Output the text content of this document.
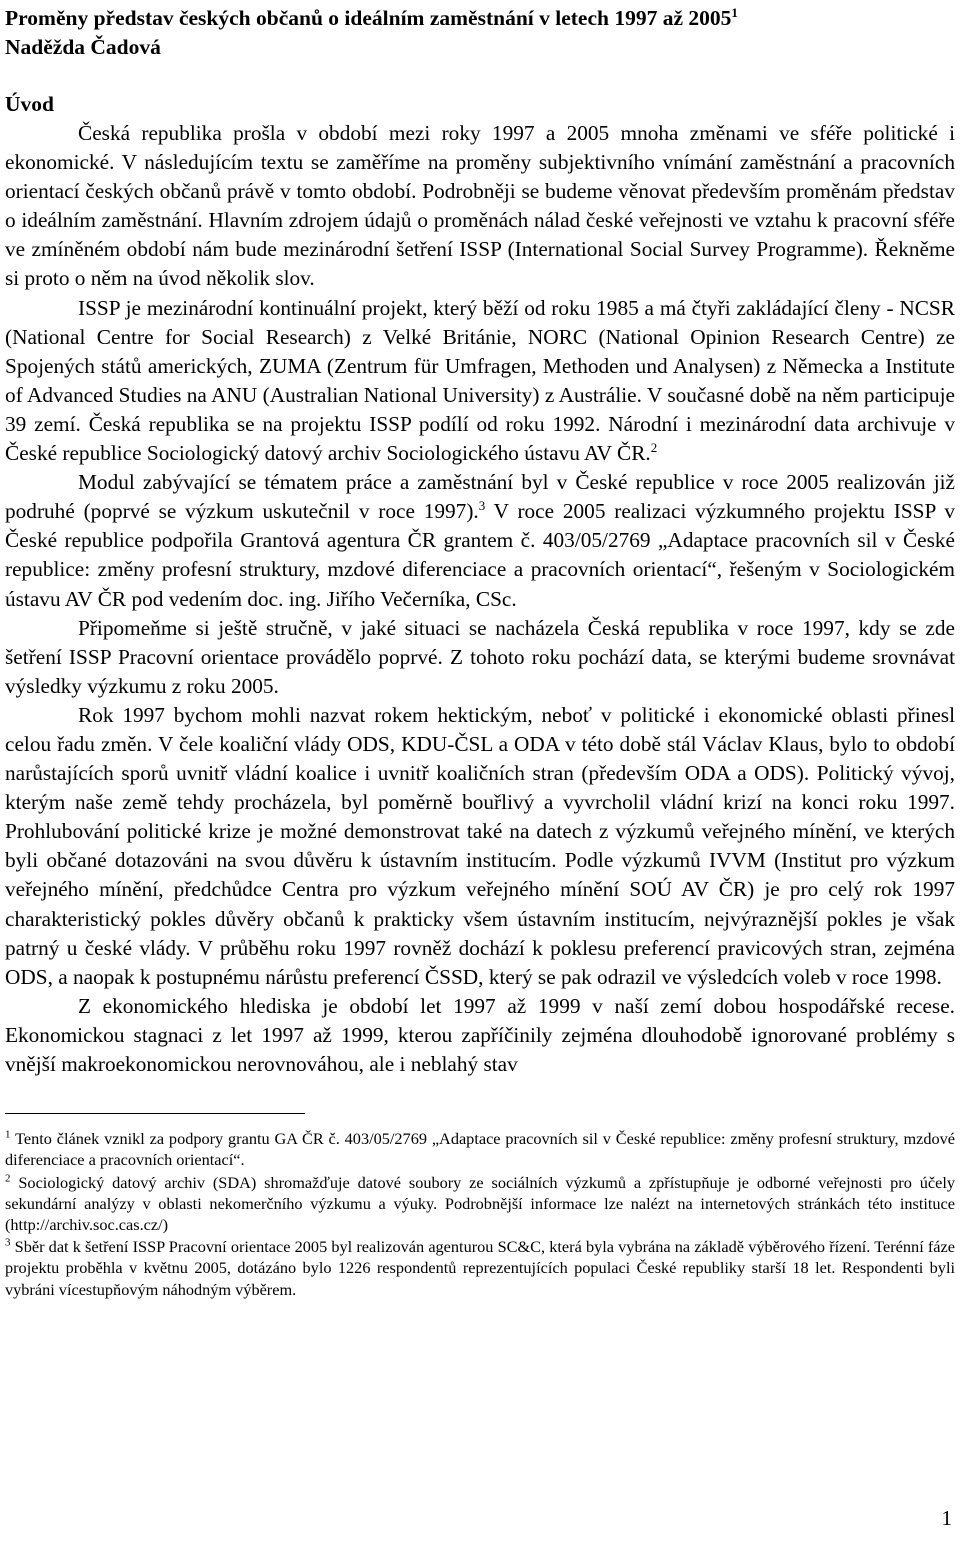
Proměny představ českých občanů o ideálním zaměstnání v letech 1997 až 2005$^1$
Naděžda Čadová
Úvod

Česká republika prošla v období mezi roky 1997 a 2005 mnoha změnami ve sféře politické i ekonomické. V následujícím textu se zaměříme na proměny subjektivního vnímání zaměstnání a pracovních orientací českých občanů právě v tomto období. Podrobněji se budeme věnovat především proměnám představ o ideálním zaměstnání. Hlavním zdrojem údajů o proměnách nálad české veřejnosti ve vztahu k pracovní sféře ve zmíněném období nám bude mezinárodní šetření ISSP (International Social Survey Programme). Řekněme si proto o něm na úvod několik slov.

ISSP je mezinárodní kontinuální projekt, který běží od roku 1985 a má čtyři zakládající členy - NCSR (National Centre for Social Research) z Velké Británie, NORC (National Opinion Research Centre) ze Spojených států amerických, ZUMA (Zentrum für Umfragen, Methoden und Analysen) z Německa a Institute of Advanced Studies na ANU (Australian National University) z Austrálie. V současné době na něm participuje 39 zemí. Česká republika se na projektu ISSP podílí od roku 1992. Národní i mezinárodní data archivuje v České republice Sociologický datový archiv Sociologického ústavu AV ČR.$^2$

Modul zabývající se tématem práce a zaměstnání byl v České republice v roce 2005 realizován již podruhé (poprvé se výzkum uskutečnil v roce 1997).$^3$ V roce 2005 realizaci výzkumného projektu ISSP v České republice podpořila Grantová agentura ČR grantem č. 403/05/2769 „Adaptace pracovních sil v České republice: změny profesní struktury, mzdové diferenciace a pracovních orientací“, řešeným v Sociologickém ústavu AV ČR pod vedením doc. ing. Jiřího Večerníka, CSc.

Připomeňme si ještě stručně, v jaké situaci se nacházela Česká republika v roce 1997, kdy se zde šetření ISSP Pracovní orientace provádělo poprvé. Z tohoto roku pochází data, se kterými budeme srovnávat výsledky výzkumu z roku 2005.

Rok 1997 bychom mohli nazvat rokem hektickým, neboť v politické i ekonomické oblasti přinesl celou řadu změn. V čele koaliční vlády ODS, KDU-ČSL a ODA v této době stál Václav Klaus, bylo to období narůstajících sporů uvnitř vládní koalice i uvnitř koaličních stran (především ODA a ODS). Politický vývoj, kterým naše země tehdy procházela, byl poměrně bouřlivý a vyvrcholil vládní krizí na konci roku 1997. Prohlubování politické krize je možné demonstrovat také na datech z výzkumů veřejného mínění, ve kterých byli občané dotazováni na svou důvěru k ústavním institucím. Podle výzkumů IVVM (Institut pro výzkum veřejného mínění, předchůdce Centra pro výzkum veřejného mínění SOÚ AV ČR) je pro celý rok 1997 charakteristický pokles důvěry občanů k prakticky všem ústavním institucím, nejvýraznější pokles je však patrný u české vlády. V průběhu roku 1997 rovněž dochází k poklesu preferencí pravicových stran, zejména ODS, a naopak k postupnému nárůstu preferencí ČSSD, který se pak odrazil ve výsledcích voleb v roce 1998.

Z ekonomického hlediska je období let 1997 až 1999 v naší zemí dobou hospodářské recese. Ekonomickou stagnaci z let 1997 až 1999, kterou zapříčinily zejména dlouhodobě ignorované problémy s vnější makroekonomickou nerovnováhou, ale i neblahý stav

$^1$ Tento článek vznikl za podpory grantu GA ČR č. 403/05/2769 „Adaptace pracovních sil v České republice: změny profesní struktury, mzdové diferenciace a pracovních orientací“.

$^2$ Sociologický datový archiv (SDA) shromažďuje datové soubory ze sociálních výzkumů a zpřístupňuje je odborné veřejnosti pro účely sekundární analýzy v oblasti nekomerčního výzkumu a výuky. Podrobnější informace lze nalézt na internetových stránkách této instituce (http://archiv.soc.cas.cz/)

$^3$ Sběr dat k šetření ISSP Pracovní orientace 2005 byl realizován agenturou SC&C, která byla vybrána na základě výběrového řízení. Terénní fáze projektu proběhla v květnu 2005, dotázáno bylo 1226 respondentů reprezentujících populaci České republiky starší 18 let. Respondenti byli vybráni vícestupňovým náhodným výběrem.

1
